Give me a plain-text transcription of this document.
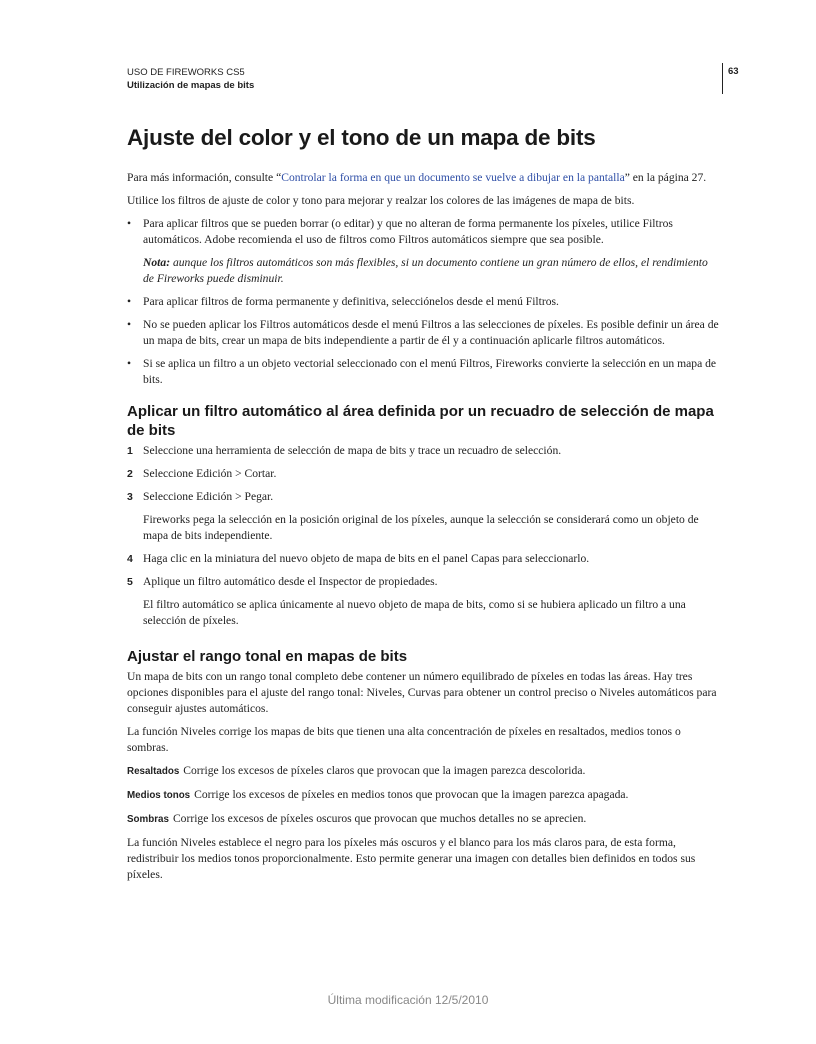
USO DE FIREWORKS CS5
Utilización de mapas de bits
63
Ajuste del color y el tono de un mapa de bits

Para más información, consulte “Controlar la forma en que un documento se vuelve a dibujar en la pantalla” en la página 27.

Utilice los filtros de ajuste de color y tono para mejorar y realzar los colores de las imágenes de mapa de bits.

• Para aplicar filtros que se pueden borrar (o editar) y que no alteran de forma permanente los píxeles, utilice Filtros automáticos. Adobe recomienda el uso de filtros como Filtros automáticos siempre que sea posible.
Nota: aunque los filtros automáticos son más flexibles, si un documento contiene un gran número de ellos, el rendimiento de Fireworks puede disminuir.
• Para aplicar filtros de forma permanente y definitiva, selecciónelos desde el menú Filtros.
• No se pueden aplicar los Filtros automáticos desde el menú Filtros a las selecciones de píxeles. Es posible definir un área de un mapa de bits, crear un mapa de bits independiente a partir de él y a continuación aplicarle filtros automáticos.
• Si se aplica un filtro a un objeto vectorial seleccionado con el menú Filtros, Fireworks convierte la selección en un mapa de bits.
Aplicar un filtro automático al área definida por un recuadro de selección de mapa de bits
1 Seleccione una herramienta de selección de mapa de bits y trace un recuadro de selección.
2 Seleccione Edición > Cortar.
3 Seleccione Edición > Pegar.

Fireworks pega la selección en la posición original de los píxeles, aunque la selección se considerará como un objeto de mapa de bits independiente.

4 Haga clic en la miniatura del nuevo objeto de mapa de bits en el panel Capas para seleccionarlo.
5 Aplique un filtro automático desde el Inspector de propiedades.

El filtro automático se aplica únicamente al nuevo objeto de mapa de bits, como si se hubiera aplicado un filtro a una selección de píxeles.

Ajustar el rango tonal en mapas de bits

Un mapa de bits con un rango tonal completo debe contener un número equilibrado de píxeles en todas las áreas. Hay tres opciones disponibles para el ajuste del rango tonal: Niveles, Curvas para obtener un control preciso o Niveles automáticos para conseguir ajustes automáticos.

La función Niveles corrige los mapas de bits que tienen una alta concentración de píxeles en resaltados, medios tonos o sombras.

Resaltados Corrige los excesos de píxeles claros que provocan que la imagen parezca descolorida.

Medios tonos Corrige los excesos de píxeles en medios tonos que provocan que la imagen parezca apagada.

Sombras Corrige los excesos de píxeles oscuros que provocan que muchos detalles no se aprecien.

La función Niveles establece el negro para los píxeles más oscuros y el blanco para los más claros para, de esta forma, redistribuir los medios tonos proporcionalmente. Esto permite generar una imagen con detalles bien definidos en todos sus píxeles.

Última modificación 12/5/2010
